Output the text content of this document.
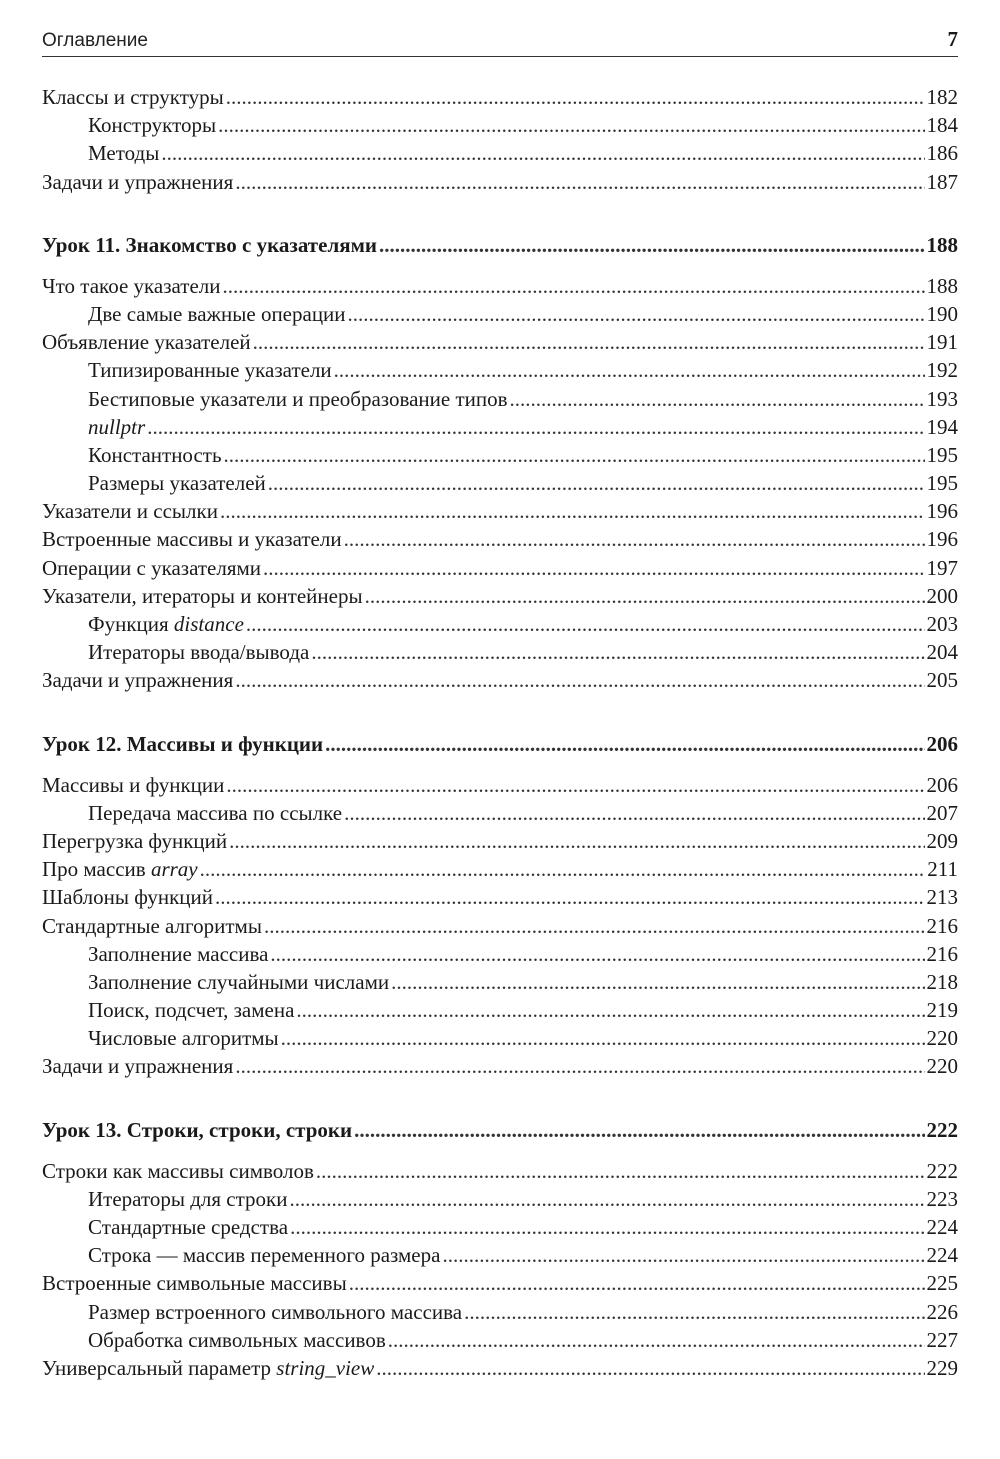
Оглавление	7
Классы и структуры .....	182
Конструкторы .....	184
Методы .....	186
Задачи и упражнения .....	187
Урок 11. Знакомство с указателями .....	188
Что такое указатели .....	188
Две самые важные операции .....	190
Объявление указателей .....	191
Типизированные указатели .....	192
Бестиповые указатели и преобразование типов .....	193
nullptr .....	194
Константность .....	195
Размеры указателей .....	195
Указатели и ссылки .....	196
Встроенные массивы и указатели .....	196
Операции с указателями .....	197
Указатели, итераторы и контейнеры .....	200
Функция distance .....	203
Итераторы ввода/вывода .....	204
Задачи и упражнения .....	205
Урок 12. Массивы и функции .....	206
Массивы и функции .....	206
Передача массива по ссылке .....	207
Перегрузка функций .....	209
Про массив array .....	211
Шаблоны функций .....	213
Стандартные алгоритмы .....	216
Заполнение массива .....	216
Заполнение случайными числами .....	218
Поиск, подсчет, замена .....	219
Числовые алгоритмы .....	220
Задачи и упражнения .....	220
Урок 13. Строки, строки, строки .....	222
Строки как массивы символов .....	222
Итераторы для строки .....	223
Стандартные средства .....	224
Строка — массив переменного размера .....	224
Встроенные символьные массивы .....	225
Размер встроенного символьного массива .....	226
Обработка символьных массивов .....	227
Универсальный параметр string_view .....	229
